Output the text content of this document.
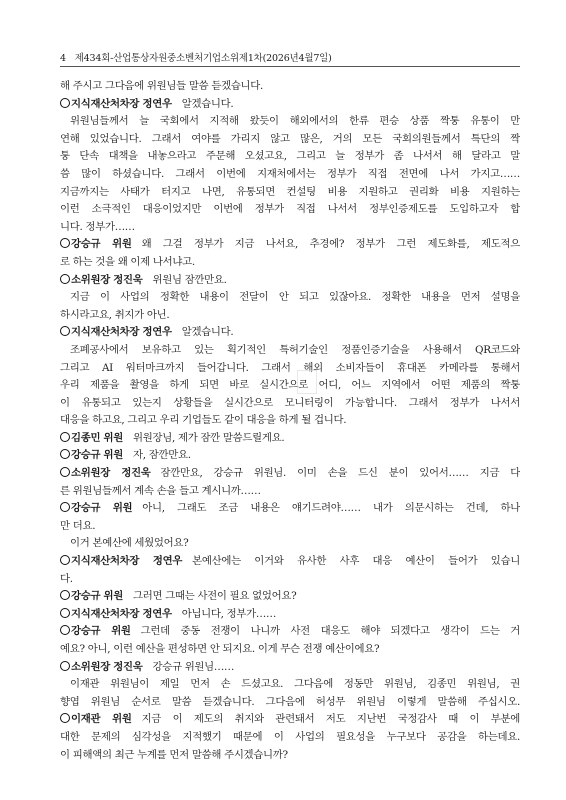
4 제434회-산업통상자원중소벤처기업소위제1차(2026년4월7일)
해 주시고 그다음에 위원님들 말씀 듣겠습니다.
지식재산처차장 정연우 알겠습니다.
위원님들께서 늘 국회에서 지적해 왔듯이 해외에서의 한류 편승 상품 짝퉁 유통이 만
연해 있었습니다. 그래서 여야를 가리지 않고 많은, 거의 모든 국회의원들께서 특단의 짝
퉁 단속 대책을 내놓으라고 주문해 오셨고요, 그리고 늘 정부가 좀 나서서 해 달라고 말
씀 많이 하셨습니다. 그래서 이번에 지재처에서는 정부가 직접 전면에 나서 가지고……
지금까지는 사태가 터지고 나면, 유통되면 컨설팅 비용 지원하고 권리화 비용 지원하는
이런 소극적인 대응이었지만 이번에 정부가 직접 나서서 정부인증제도를 도입하고자 합
니다. 정부가……
강승규 위원 왜 그걸 정부가 지금 나서요, 추경에? 정부가 그런 제도화를, 제도적으
로 하는 것을 왜 이제 나서냐고.
소위원장 정진욱 위원님 잠깐만요.
지금 이 사업의 정확한 내용이 전달이 안 되고 있잖아요. 정확한 내용을 먼저 설명을
하시라고요, 취지가 아닌.
지식재산처차장 정연우 알겠습니다.
조폐공사에서 보유하고 있는 획기적인 특허기술인 정품인증기술을 사용해서 QR코드와
그리고 AI 워터마크까지 들어갑니다. 그래서 해외 소비자들이 휴대폰 카메라를 통해서
우리 제품을 촬영을 하게 되면 바로 실시간으로 어디, 어느 지역에서 어떤 제품의 짝퉁
이 유통되고 있는지 상황들을 실시간으로 모니터링이 가능합니다. 그래서 정부가 나서서
대응을 하고요, 그리고 우리 기업들도 같이 대응을 하게 될 겁니다.
김종민 위원 위원장님, 제가 잠깐 말씀드릴게요.
강승규 위원 자, 잠깐만요.
소위원장 정진욱 잠깐만요, 강승규 위원님. 이미 손을 드신 분이 있어서…… 지금 다
른 위원님들께서 계속 손을 들고 계시니까……
강승규 위원 아니, 그래도 조금 내용은 얘기드려야…… 내가 의문시하는 건데, 하나
만 더요.
이거 본예산에 세웠었어요?
지식재산처차장 정연우 본예산에는 이거와 유사한 사후 대응 예산이 들어가 있습니
다.
강승규 위원 그러면 그때는 사전이 필요 없었어요?
지식재산처차장 정연우 아닙니다, 정부가……
강승규 위원 그런데 중동 전쟁이 나니까 사전 대응도 해야 되겠다고 생각이 드는 거
예요? 아니, 이런 예산을 편성하면 안 되지요. 이게 무슨 전쟁 예산이에요?
소위원장 정진욱 강승규 위원님……
이재관 위원님이 제일 먼저 손 드셨고요. 그다음에 정동만 위원님, 김종민 위원님, 권
향엽 위원님 순서로 말씀 듣겠습니다. 그다음에 허성무 위원님 이렇게 말씀해 주십시오.
이재관 위원 지금 이 제도의 취지와 관련돼서 저도 지난번 국정감사 때 이 부분에
대한 문제의 심각성을 지적했기 때문에 이 사업의 필요성을 누구보다 공감을 하는데요.
이 피해액의 최근 누계를 먼저 말씀해 주시겠습니까?
